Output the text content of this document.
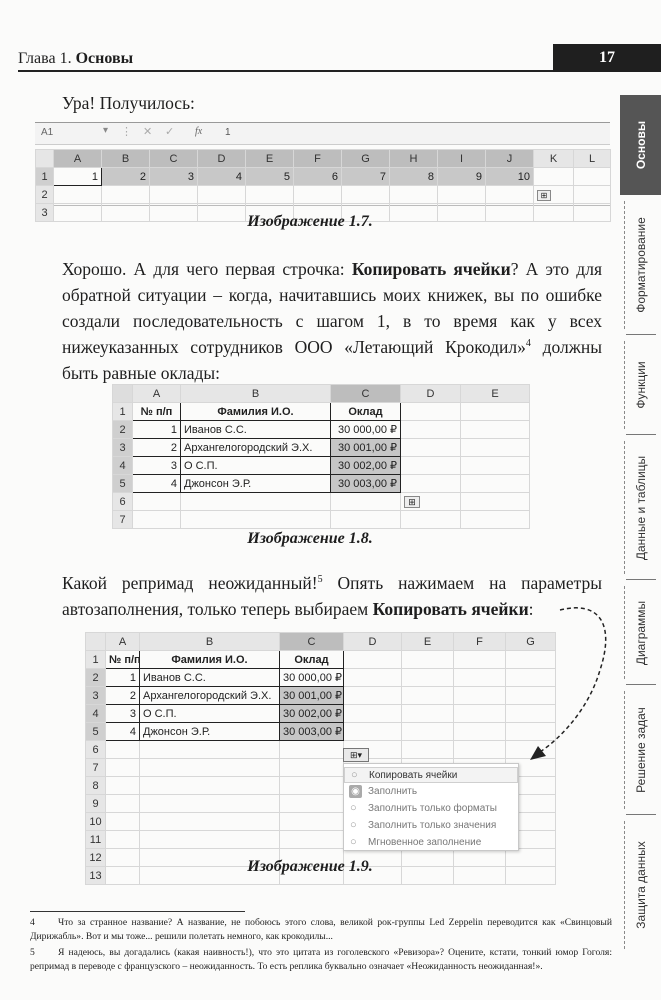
Глава 1. Основы	17
Основы
Форматирование
Функции
Данные и таблицы
Диаграммы
Решение задач
Защита данных
Ура! Получилось:
A1	▾ ⋮ ✕ ✓ fx 1
	A	B	C	D	E	F	G	H	I	J	K	L
1	1	2	3	4	5	6	7	8	9	10		
2											⊞	
3												
Изображение 1.7.
Хорошо. А для чего первая строчка: Копировать ячейки? А это для обратной ситуации – когда, начитавшись моих книжек, вы по ошибке создали последовательность с шагом 1, в то время как у всех нижеуказанных сотрудников ООО «Летающий Крокодил»$^4$ должны быть равные оклады:
	A	B	C	D	E
1	№ п/п	Фамилия И.О.	Оклад		
2	1	Иванов С.С.	30 000,00 ₽		
3	2	Архангелогородский Э.Х.	30 001,00 ₽		
4	3	О С.П.	30 002,00 ₽		
5	4	Джонсон Э.Р.	30 003,00 ₽		
6				⊞	
7					
Изображение 1.8.
Какой репримад неожиданный!$^5$ Опять нажимаем на параметры автозаполнения, только теперь выбираем Копировать ячейки:
	A	B	C	D	E	F	G
1	№ п/п	Фамилия И.О.	Оклад				
2	1	Иванов С.С.	30 000,00 ₽				
3	2	Архангелогородский Э.Х.	30 001,00 ₽				
4	3	О С.П.	30 002,00 ₽				
5	4	Джонсон Э.Р.	30 003,00 ₽				
6							
7							
8							
9							
10							
11							
12							
13							
⊞▾
○ Копировать ячейки
◉ Заполнить
○ Заполнить только форматы
○ Заполнить только значения
○ Мгновенное заполнение
Изображение 1.9.
4 Что за странное название? А название, не побоюсь этого слова, великой рок-группы Led Zeppelin переводится как «Свинцовый Дирижабль». Вот и мы тоже... решили полетать немного, как крокодилы...
5 Я надеюсь, вы догадались (какая наивность!), что это цитата из гоголевского «Ревизора»? Оцените, кстати, тонкий юмор Гоголя: репримад в переводе с французского – неожиданность. То есть реплика буквально означает «Неожиданность неожиданная!».
